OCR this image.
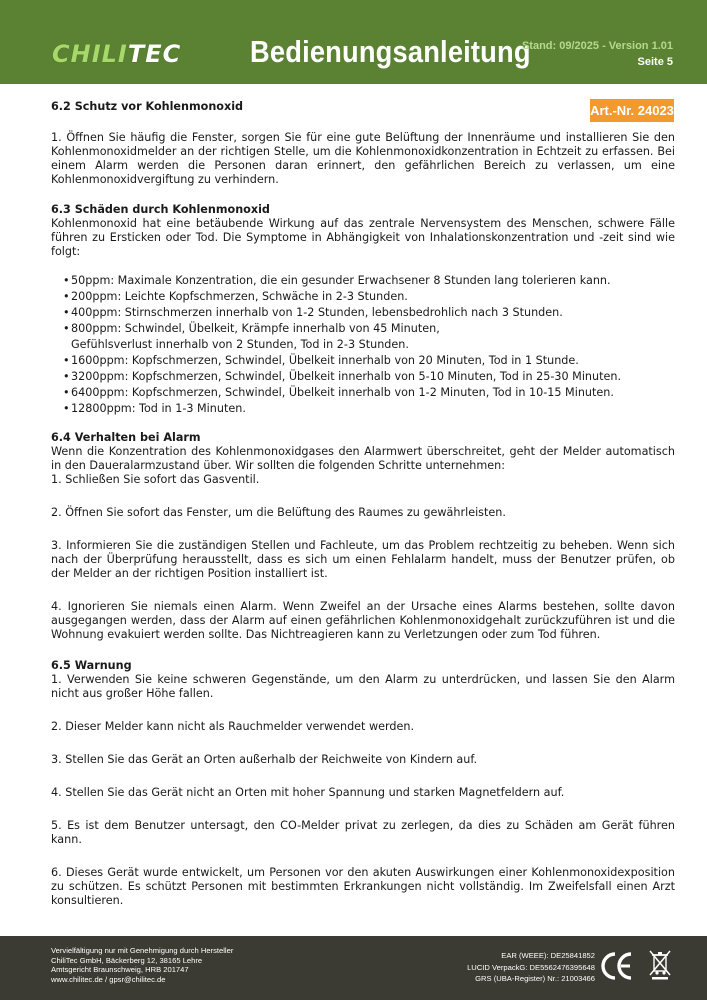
CHILITEC Bedienungsanleitung
Stand: 09/2025 - Version 1.01
Seite 5
Art.-Nr. 24023
6.2 Schutz vor Kohlenmonoxid
1. Öffnen Sie häufig die Fenster, sorgen Sie für eine gute Belüftung der Innenräume und installieren Sie den Kohlenmonoxidmelder an der richtigen Stelle, um die Kohlenmonoxidkonzentration in Echtzeit zu erfassen. Bei einem Alarm werden die Personen daran erinnert, den gefährlichen Bereich zu verlassen, um eine Kohlenmonoxidvergiftung zu verhindern.
6.3 Schäden durch Kohlenmonoxid
Kohlenmonoxid hat eine betäubende Wirkung auf das zentrale Nervensystem des Menschen, schwere Fälle führen zu Ersticken oder Tod. Die Symptome in Abhängigkeit von Inhalationskonzentration und -zeit sind wie folgt:
•50ppm: Maximale Konzentration, die ein gesunder Erwachsener 8 Stunden lang tolerieren kann.
•200ppm: Leichte Kopfschmerzen, Schwäche in 2-3 Stunden.
•400ppm: Stirnschmerzen innerhalb von 1-2 Stunden, lebensbedrohlich nach 3 Stunden.
•800ppm: Schwindel, Übelkeit, Krämpfe innerhalb von 45 Minuten,
Gefühlsverlust innerhalb von 2 Stunden, Tod in 2-3 Stunden.
•1600ppm: Kopfschmerzen, Schwindel, Übelkeit innerhalb von 20 Minuten, Tod in 1 Stunde.
•3200ppm: Kopfschmerzen, Schwindel, Übelkeit innerhalb von 5-10 Minuten, Tod in 25-30 Minuten.
•6400ppm: Kopfschmerzen, Schwindel, Übelkeit innerhalb von 1-2 Minuten, Tod in 10-15 Minuten.
•12800ppm: Tod in 1-3 Minuten.
6.4 Verhalten bei Alarm
Wenn die Konzentration des Kohlenmonoxidgases den Alarmwert überschreitet, geht der Melder automatisch in den Daueralarmzustand über. Wir sollten die folgenden Schritte unternehmen:
1. Schließen Sie sofort das Gasventil.
2. Öffnen Sie sofort das Fenster, um die Belüftung des Raumes zu gewährleisten.
3. Informieren Sie die zuständigen Stellen und Fachleute, um das Problem rechtzeitig zu beheben. Wenn sich nach der Überprüfung herausstellt, dass es sich um einen Fehlalarm handelt, muss der Benutzer prüfen, ob der Melder an der richtigen Position installiert ist.
4. Ignorieren Sie niemals einen Alarm. Wenn Zweifel an der Ursache eines Alarms bestehen, sollte davon ausgegangen werden, dass der Alarm auf einen gefährlichen Kohlenmonoxidgehalt zurückzuführen ist und die Wohnung evakuiert werden sollte. Das Nichtreagieren kann zu Verletzungen oder zum Tod führen.
6.5 Warnung
1. Verwenden Sie keine schweren Gegenstände, um den Alarm zu unterdrücken, und lassen Sie den Alarm nicht aus großer Höhe fallen.
2. Dieser Melder kann nicht als Rauchmelder verwendet werden.
3. Stellen Sie das Gerät an Orten außerhalb der Reichweite von Kindern auf.
4. Stellen Sie das Gerät nicht an Orten mit hoher Spannung und starken Magnetfeldern auf.
5. Es ist dem Benutzer untersagt, den CO-Melder privat zu zerlegen, da dies zu Schäden am Gerät führen kann.
6. Dieses Gerät wurde entwickelt, um Personen vor den akuten Auswirkungen einer Kohlenmonoxidexposition zu schützen. Es schützt Personen mit bestimmten Erkrankungen nicht vollständig. Im Zweifelsfall einen Arzt konsultieren.
Vervielfältigung nur mit Genehmigung durch Hersteller
ChiliTec GmbH, Bäckerberg 12, 38165 Lehre
Amtsgericht Braunschweig, HRB 201747
www.chilitec.de / gpsr@chilitec.de
EAR (WEEE): DE25841852
LUCID VerpackG: DE5562476395648
GRS (UBA-Register) Nr.: 21003466
